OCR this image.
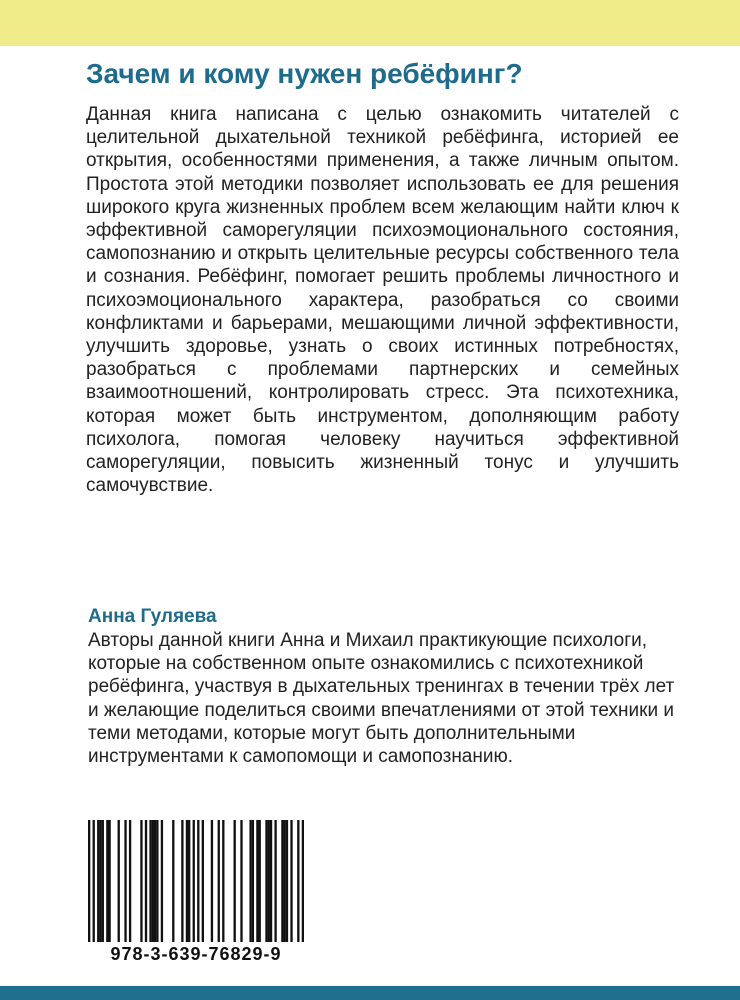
Зачем и кому нужен ребёфинг?

Данная книга написана с целью ознакомить читателей с целительной дыхательной техникой ребёфинга, историей ее открытия, особенностями применения, а также личным опытом. Простота этой методики позволяет использовать ее для решения широкого круга жизненных проблем всем желающим найти ключ к эффективной саморегуляции психоэмоционального состояния, самопознанию и открыть целительные ресурсы собственного тела и сознания. Ребёфинг, помогает решить проблемы личностного и психоэмоционального характера, разобраться со своими конфликтами и барьерами, мешающими личной эффективности, улучшить здоровье, узнать о своих истинных потребностях, разобраться с проблемами партнерских и семейных взаимоотношений, контролировать стресс. Эта психотехника, которая может быть инструментом, дополняющим работу психолога, помогая человеку научиться эффективной саморегуляции, повысить жизненный тонус и улучшить самочувствие.

Анна Гуляева

Авторы данной книги Анна и Михаил практикующие психологи, которые на собственном опыте ознакомились с психотехникой ребёфинга, участвуя в дыхательных тренингах в течении трёх лет и желающие поделиться своими впечатлениями от этой техники и теми методами, которые могут быть дополнительными инструментами к самопомощи и самопознанию.

978-3-639-76829-9
